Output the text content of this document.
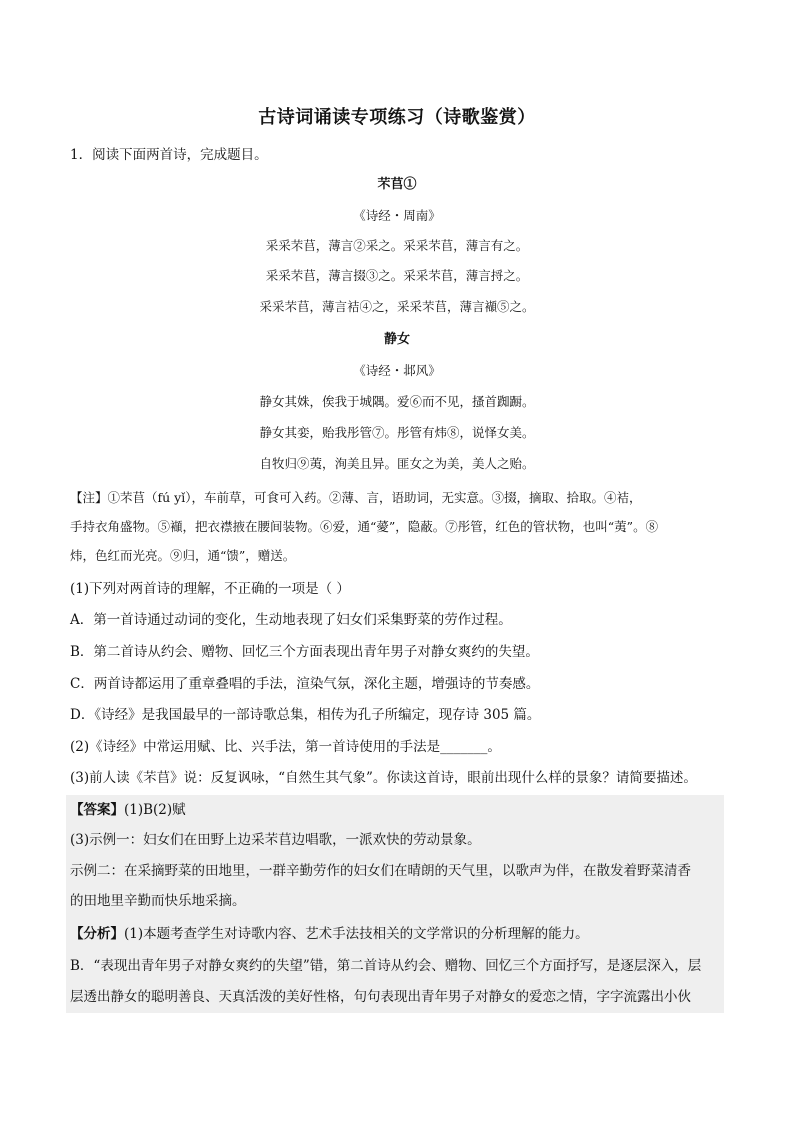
古诗词诵读专项练习（诗歌鉴赏）
1．阅读下面两首诗，完成题目。
芣苢①
《诗经・周南》
采采芣苢，薄言②采之。采采芣苢，薄言有之。
采采芣苢，薄言掇③之。采采芣苢，薄言捋之。
采采芣苢，薄言袺④之，采采芣苢，薄言襭⑤之。
静女
《诗经・邶风》
静女其姝，俟我于城隅。爱⑥而不见，搔首踟蹰。
静女其娈，贻我彤管⑦。彤管有炜⑧，说怿女美。
自牧归⑨荑，洵美且异。匪女之为美，美人之贻。
【注】①芣苢（fú yǐ），车前草，可食可入药。②薄、言，语助词，无实意。③掇，摘取、拾取。④袺，
手持衣角盛物。⑤襭，把衣襟掖在腰间装物。⑥爱，通“薆”，隐蔽。⑦彤管，红色的管状物，也叫“荑”。⑧
炜，色红而光亮。⑨归，通“馈”，赠送。
(1)下列对两首诗的理解，不正确的一项是（ ）
A．第一首诗通过动词的变化，生动地表现了妇女们采集野菜的劳作过程。
B．第二首诗从约会、赠物、回忆三个方面表现出青年男子对静女爽约的失望。
C．两首诗都运用了重章叠唱的手法，渲染气氛，深化主题，增强诗的节奏感。
D．《诗经》是我国最早的一部诗歌总集，相传为孔子所编定，现存诗 305 篇。
(2)《诗经》中常运用赋、比、兴手法，第一首诗使用的手法是_______。
(3)前人读《芣苢》说：反复讽咏，“自然生其气象”。你读这首诗，眼前出现什么样的景象？请简要描述。
【答案】(1)B(2)赋
(3)示例一：妇女们在田野上边采芣苢边唱歌，一派欢快的劳动景象。
示例二：在采摘野菜的田地里，一群辛勤劳作的妇女们在晴朗的天气里，以歌声为伴，在散发着野菜清香
的田地里辛勤而快乐地采摘。
【分析】(1)本题考查学生对诗歌内容、艺术手法技相关的文学常识的分析理解的能力。
B．“表现出青年男子对静女爽约的失望”错，第二首诗从约会、赠物、回忆三个方面抒写，是逐层深入，层
层透出静女的聪明善良、天真活泼的美好性格，句句表现出青年男子对静女的爱恋之情，字字流露出小伙
